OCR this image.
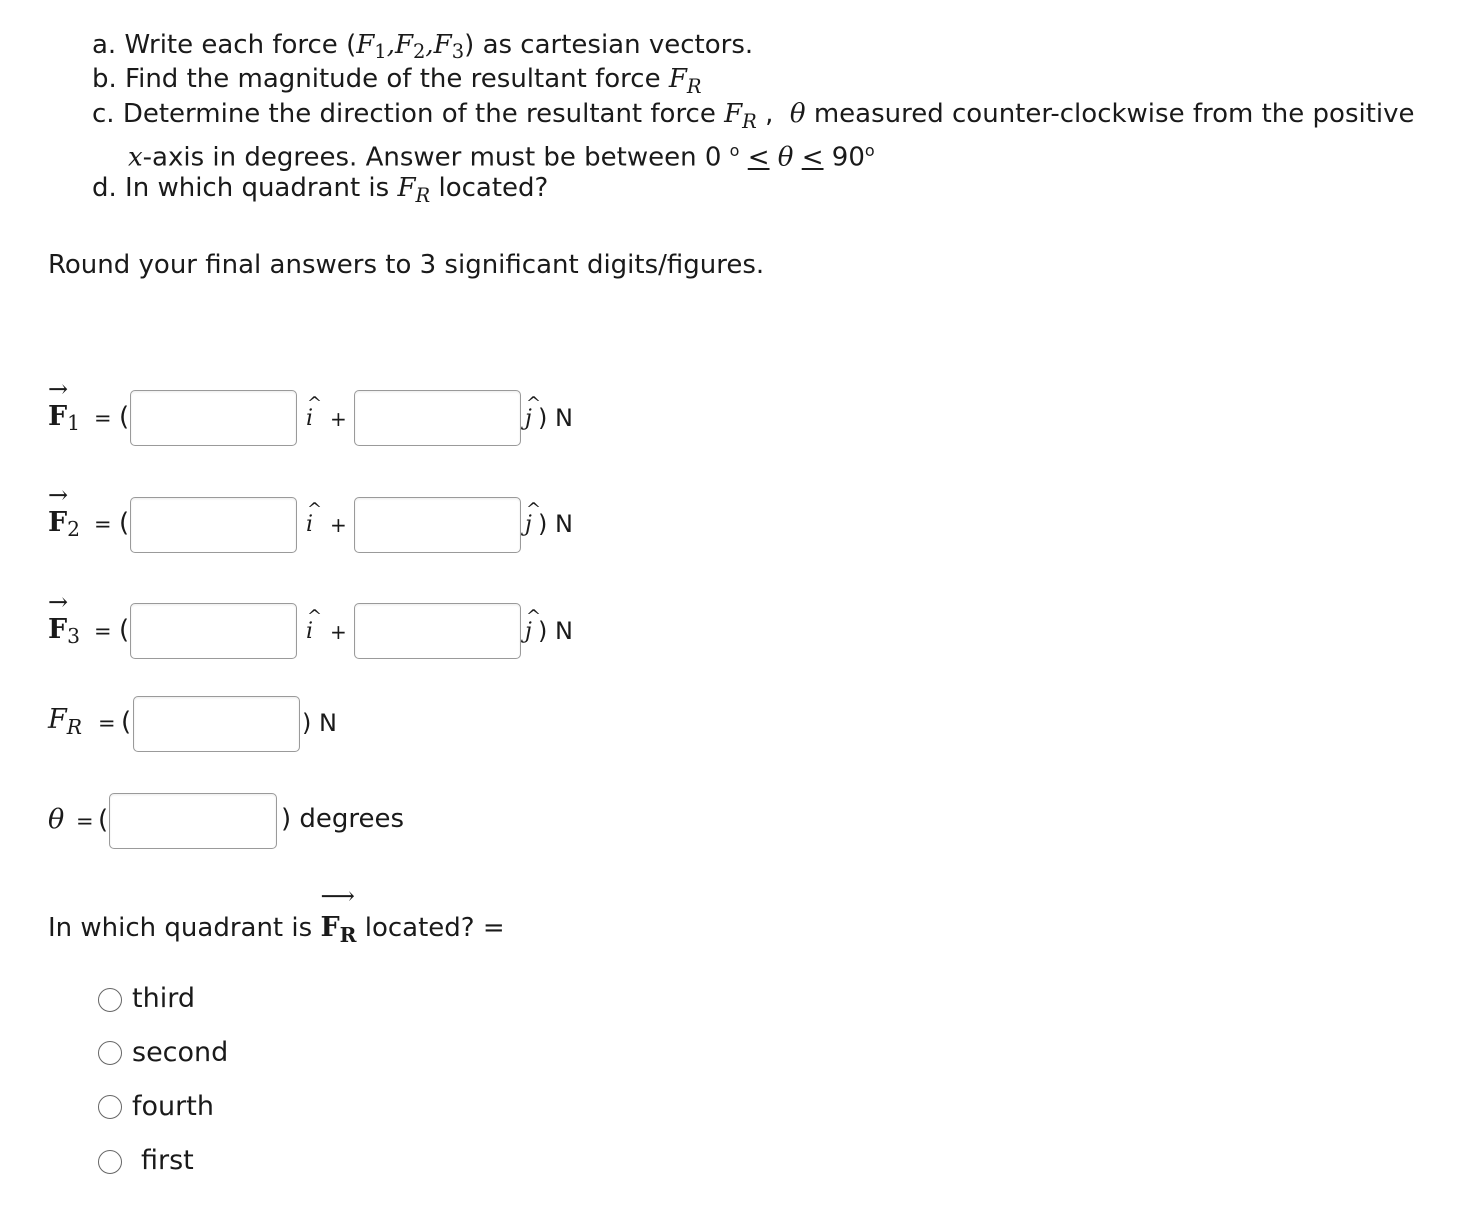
a. Write each force $(F_1,F_2,F_3)$ as cartesian vectors.
b. Find the magnitude of the resultant force $F_R$
c. Determine the direction of the resultant force $F_R$ ,  θ measured counter-clockwise from the positive
x-axis in degrees. Answer must be between 0 $^o < \theta < 90^o$
d. In which quadrant is $F_R$ located?
Round your final answers to 3 significant digits/figures.
→
$F_1$ = (	^
i +
^
j ) N
→
$F_2$ = (	^
i +
^
j ) N
→
$F_3$ = (	^
i +
^
j ) N
$F_R$ = (	) N
θ = (	) degrees
In which quadrant is
⟶
$F_R$ located? =
third
second
fourth
first
